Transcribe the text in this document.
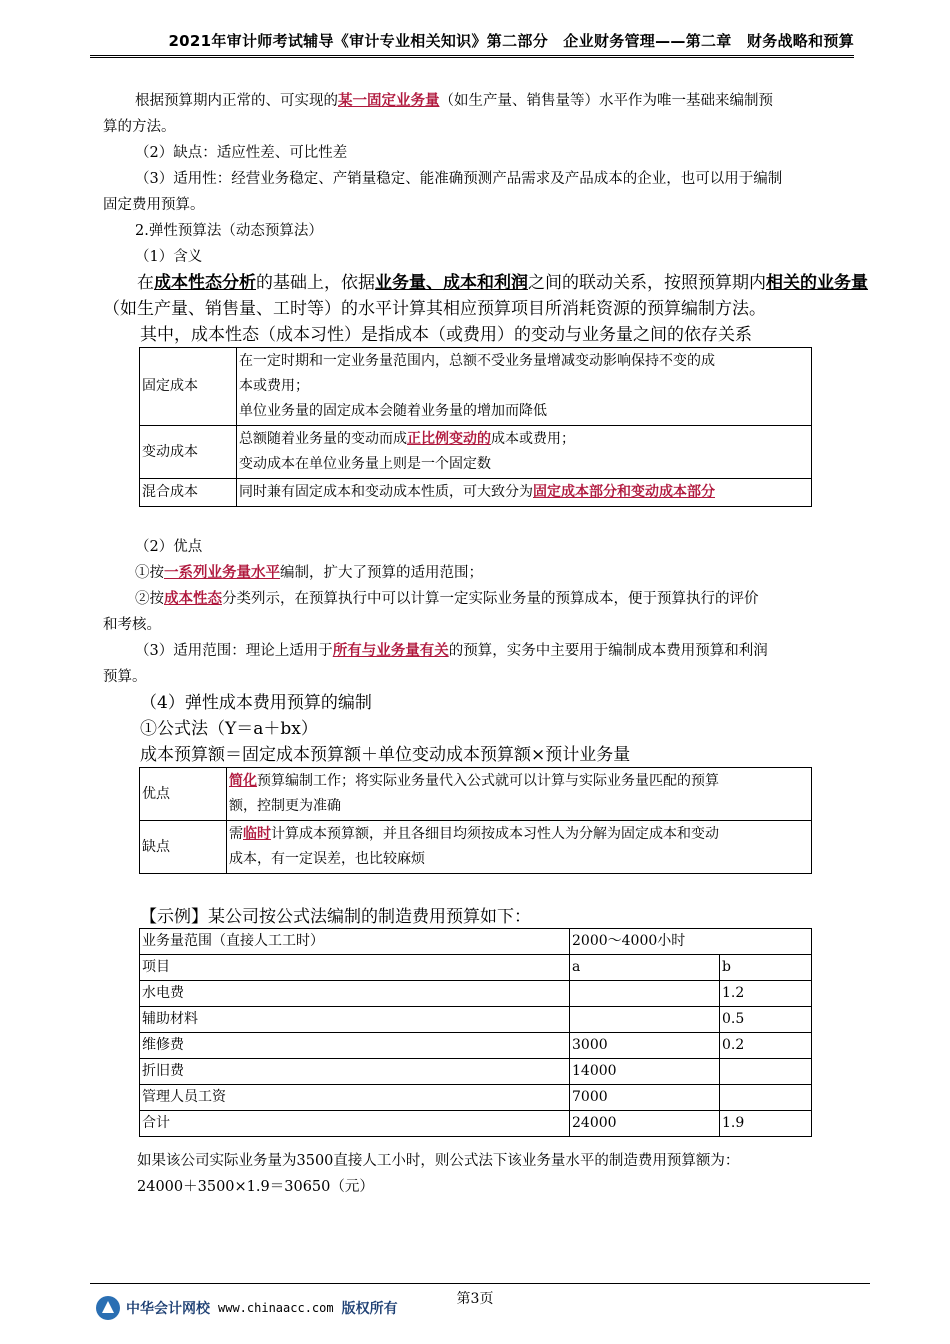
2021年审计师考试辅导《审计专业相关知识》第二部分　企业财务管理——第二章　财务战略和预算
根据预算期内正常的、可实现的某一固定业务量（如生产量、销售量等）水平作为唯一基础来编制预
算的方法。
（2）缺点：适应性差、可比性差
（3）适用性：经营业务稳定、产销量稳定、能准确预测产品需求及产品成本的企业，也可以用于编制
固定费用预算。
2.弹性预算法（动态预算法）
（1）含义
在成本性态分析的基础上，依据业务量、成本和利润之间的联动关系，按照预算期内相关的业务量
（如生产量、销售量、工时等）的水平计算其相应预算项目所消耗资源的预算编制方法。
其中，成本性态（成本习性）是指成本（或费用）的变动与业务量之间的依存关系
固定成本	在一定时期和一定业务量范围内，总额不受业务量增减变动影响保持不变的成
本或费用；
单位业务量的固定成本会随着业务量的增加而降低

变动成本	总额随着业务量的变动而成正比例变动的成本或费用；
变动成本在单位业务量上则是一个固定数

混合成本	同时兼有固定成本和变动成本性质，可大致分为固定成本部分和变动成本部分
（2）优点
①按一系列业务量水平编制，扩大了预算的适用范围；
②按成本性态分类列示，在预算执行中可以计算一定实际业务量的预算成本，便于预算执行的评价
和考核。
（3）适用范围：理论上适用于所有与业务量有关的预算，实务中主要用于编制成本费用预算和利润
预算。
（4）弹性成本费用预算的编制
①公式法（Y＝a＋bx）
成本预算额＝固定成本预算额＋单位变动成本预算额×预计业务量
优点	简化预算编制工作；将实际业务量代入公式就可以计算与实际业务量匹配的预算
额，控制更为准确

缺点	需临时计算成本预算额，并且各细目均须按成本习性人为分解为固定成本和变动
成本，有一定误差，也比较麻烦
【示例】某公司按公式法编制的制造费用预算如下：
业务量范围（直接人工工时）	2000～4000小时	
项目	a	b
水电费		1.2
辅助材料		0.5
维修费	3000	0.2
折旧费	14000	
管理人员工资	7000	
合计	24000	1.9
如果该公司实际业务量为3500直接人工小时，则公式法下该业务量水平的制造费用预算额为：
24000＋3500×1.9＝30650（元）
第3页
中华会计网校 www.chinaacc.com 版权所有
